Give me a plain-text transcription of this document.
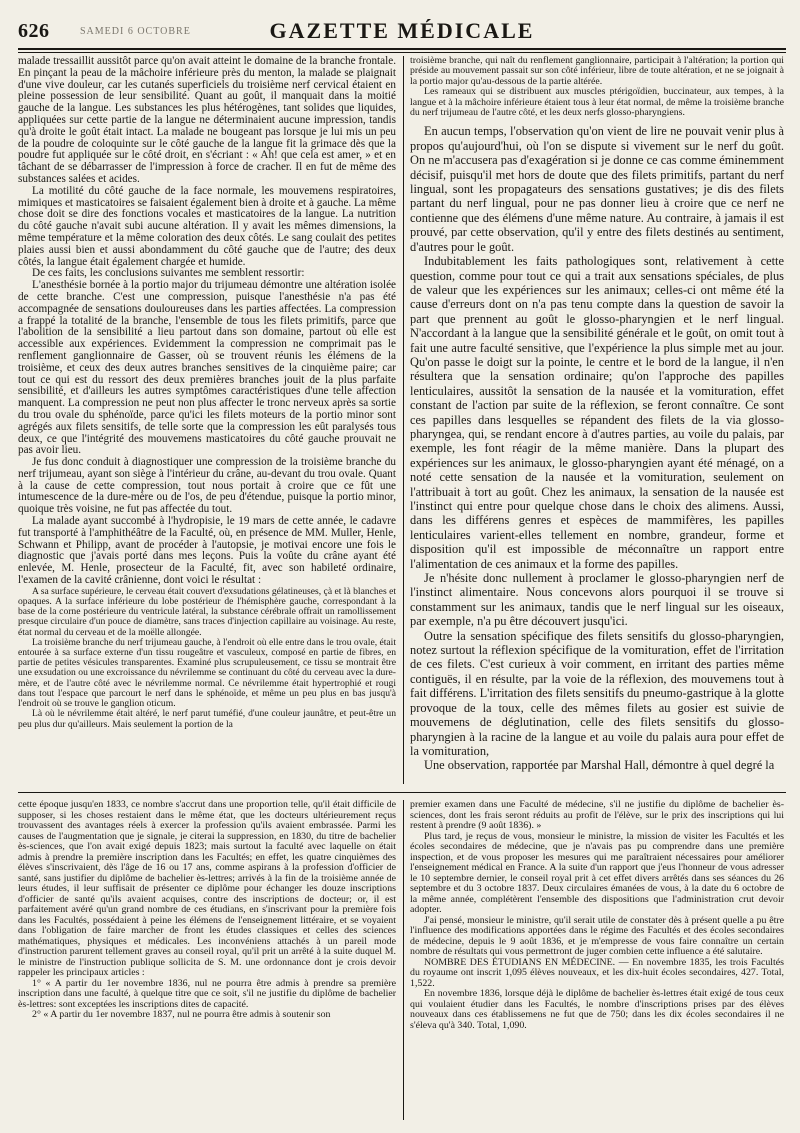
626	SAMEDI 6 OCTOBRE	GAZETTE MÉDICALE

malade tressaillit aussitôt parce qu'on avait atteint le domaine de la branche frontale. En pinçant la peau de la mâchoire inférieure près du menton, la malade se plaignait d'une vive douleur, car les cutanés superficiels du troisième nerf cervical étaient en pleine possession de leur sensibilité. Quant au goût, il manquait dans la moitié gauche de la langue. Les substances les plus hétérogènes, tant solides que liquides, appliquées sur cette partie de la langue ne déterminaient aucune impression, tandis qu'à droite le goût était intact. La malade ne bougeant pas lorsque je lui mis un peu de la poudre de coloquinte sur le côté gauche de la langue fit la grimace dès que la poudre fut appliquée sur le côté droit, en s'écriant : « Ah! que cela est amer, » et en tâchant de se débarrasser de l'impression à force de cracher. Il en fut de même des substances salées et acides.

La motilité du côté gauche de la face normale, les mouvemens respiratoires, mimiques et masticatoires se faisaient également bien à droite et à gauche. La même chose doit se dire des fonctions vocales et masticatoires de la langue. La nutrition du côté gauche n'avait subi aucune altération. Il y avait les mêmes dimensions, la même température et la même coloration des deux côtés. Le sang coulait des petites plaies aussi bien et aussi abondamment du côté gauche que de l'autre; des deux côtés, la langue était également chargée et humide.

De ces faits, les conclusions suivantes me semblent ressortir:

L'anesthésie bornée à la portio major du trijumeau démontre une altération isolée de cette branche. C'est une compression, puisque l'anesthésie n'a pas été accompagnée de sensations douloureuses dans les parties affectées. La compression a frappé la totalité de la branche, l'ensemble de tous les filets primitifs, parce que l'abolition de la sensibilité a lieu partout dans son domaine, partout où elle est accessible aux expériences. Evidemment la compression ne comprimait pas le renflement ganglionnaire de Gasser, où se trouvent réunis les élémens de la troisième, et ceux des deux autres branches sensitives de la cinquième paire; car tout ce qui est du ressort des deux premières branches jouit de la plus parfaite sensibilité, et d'ailleurs les autres symptômes caractéristiques d'une telle affection manquent. La compression ne peut non plus affecter le tronc nerveux après sa sortie du trou ovale du sphénoïde, parce qu'ici les filets moteurs de la portio minor sont agrégés aux filets sensitifs, de telle sorte que la compression les eût paralysés tous deux, ce que l'intégrité des mouvemens masticatoires du côté gauche prouvait ne pas avoir lieu.

Je fus donc conduit à diagnostiquer une compression de la troisième branche du nerf trijumeau, ayant son siège à l'intérieur du crâne, au-devant du trou ovale. Quant à la cause de cette compression, tout nous portait à croire que ce fût une intumescence de la dure-mère ou de l'os, de peu d'étendue, puisque la portio minor, quoique très voisine, ne fut pas affectée du tout.

La malade ayant succombé à l'hydropisie, le 19 mars de cette année, le cadavre fut transporté à l'amphithéâtre de la Faculté, où, en présence de MM. Muller, Henle, Schwann et Philipp, avant de procéder à l'autopsie, je motivai encore une fois le diagnostic que j'avais porté dans mes leçons. Puis la voûte du crâne ayant été enlevée, M. Henle, prosecteur de la Faculté, fit, avec son habileté ordinaire, l'examen de la cavité crânienne, dont voici le résultat :

A sa surface supérieure, le cerveau était couvert d'exsudations gélatineuses, çà et là blanches et opaques. A la surface inférieure du lobe postérieur de l'hémisphère gauche, correspondant à la base de la corne postérieure du ventricule latéral, la substance cérébrale offrait un ramollissement presque circulaire d'un pouce de diamètre, sans traces d'injection capillaire au voisinage. Au reste, état normal du cerveau et de la moëlle allongée.

La troisième branche du nerf trijumeau gauche, à l'endroit où elle entre dans le trou ovale, était entourée à sa surface externe d'un tissu rougeâtre et vasculeux, composé en partie de fibres, en partie de petites vésicules transparentes. Examiné plus scrupuleusement, ce tissu se montrait être une exsudation ou une excroissance du névrilemme se continuant du côté du cerveau avec la dure-mère, et de l'autre côté avec le névrilemme normal. Ce névrilemme était hypertrophié et rougi dans tout l'espace que parcourt le nerf dans le sphénoïde, et même un peu plus en bas jusqu'à l'endroit où se trouve le ganglion oticum.

Là où le névrilemme était altéré, le nerf parut tuméfié, d'une couleur jaunâtre, et peut-être un peu plus dur qu'ailleurs. Mais seulement la portion de la

troisième branche, qui naît du renflement ganglionnaire, participait à l'altération; la portion qui préside au mouvement passait sur son côté inférieur, libre de toute altération, et ne se joignait à la portio major qu'au-dessous de la partie altérée.

Les rameaux qui se distribuent aux muscles ptérigoïdien, buccinateur, aux tempes, à la langue et à la mâchoire inférieure étaient tous à leur état normal, de même la troisième branche du nerf trijumeau de l'autre côté, et les deux nerfs glosso-pharyngiens.

En aucun temps, l'observation qu'on vient de lire ne pouvait venir plus à propos qu'aujourd'hui, où l'on se dispute si vivement sur le nerf du goût. On ne m'accusera pas d'exagération si je donne ce cas comme éminemment décisif, puisqu'il met hors de doute que des filets primitifs, partant du nerf lingual, sont les propagateurs des sensations gustatives; je dis des filets partant du nerf lingual, pour ne pas donner lieu à croire que ce nerf ne contienne que des élémens d'une même nature. Au contraire, à jamais il est prouvé, par cette observation, qu'il y entre des filets destinés au sentiment, d'autres pour le goût.

Indubitablement les faits pathologiques sont, relativement à cette question, comme pour tout ce qui a trait aux sensations spéciales, de plus de valeur que les expériences sur les animaux; celles-ci ont même été la cause d'erreurs dont on n'a pas tenu compte dans la question de savoir la part que prennent au goût le glosso-pharyngien et le nerf lingual. N'accordant à la langue que la sensibilité générale et le goût, on omit tout à fait une autre faculté sensitive, que l'expérience la plus simple met au jour. Qu'on passe le doigt sur la pointe, le centre et le bord de la langue, il n'en résultera que la sensation ordinaire; qu'on l'approche des papilles lenticulaires, aussitôt la sensation de la nausée et la vomituration, effet constant de l'action par suite de la réflexion, se feront connaître. Ce sont ces papilles dans lesquelles se répandent des filets de la via glosso-pharyngea, qui, se rendant encore à d'autres parties, au voile du palais, par exemple, les font réagir de la même manière. Dans la plupart des expériences sur les animaux, le glosso-pharyngien ayant été ménagé, on a noté cette sensation de la nausée et la vomituration, seulement on l'attribuait à tort au goût. Chez les animaux, la sensation de la nausée est l'instinct qui entre pour quelque chose dans le choix des alimens. Aussi, dans les différens genres et espèces de mammifères, les papilles lenticulaires varient-elles tellement en nombre, grandeur, forme et disposition qu'il est impossible de méconnaître un rapport entre l'alimentation de ces animaux et la forme des papilles.

Je n'hésite donc nullement à proclamer le glosso-pharyngien nerf de l'instinct alimentaire. Nous concevons alors pourquoi il se trouve si constamment sur les animaux, tandis que le nerf lingual sur les oiseaux, par exemple, n'a pu être découvert jusqu'ici.

Outre la sensation spécifique des filets sensitifs du glosso-pharyngien, notez surtout la réflexion spécifique de la vomituration, effet de l'irritation de ces filets. C'est curieux à voir comment, en irritant des parties même contiguës, il en résulte, par la voie de la réflexion, des mouvemens tout à fait différens. L'irritation des filets sensitifs du pneumo-gastrique à la glotte provoque de la toux, celle des mêmes filets au gosier est suivie de mouvemens de déglutination, celle des filets sensitifs du glosso-pharyngien à la racine de la langue et au voile du palais aura pour effet de la vomituration,

Une observation, rapportée par Marshal Hall, démontre à quel degré la

cette époque jusqu'en 1833, ce nombre s'accrut dans une proportion telle, qu'il était difficile de supposer, si les choses restaient dans le même état, que les docteurs ultérieurement reçus trouvassent des avantages réels à exercer la profession qu'ils avaient embrassée. Parmi les causes de l'augmentation que je signale, je citerai la suppression, en 1830, du titre de bachelier ès-sciences, que l'on avait exigé depuis 1823; mais surtout la faculté avec laquelle on était admis à prendre la première inscription dans les Facultés; en effet, les quatre cinquièmes des élèves s'inscrivaient, dès l'âge de 16 ou 17 ans, comme aspirans à la profession d'officier de santé, sans justifier du diplôme de bachelier ès-lettres; arrivés à la fin de la troisième année de leurs études, il leur suffisait de présenter ce diplôme pour échanger les douze inscriptions d'officier de santé qu'ils avaient acquises, contre des inscriptions de docteur; or, il est parfaitement avéré qu'un grand nombre de ces étudians, en s'inscrivant pour la première fois dans les Facultés, possédaient à peine les élémens de l'enseignement littéraire, et se voyaient dans l'obligation de faire marcher de front les études classiques et celles des sciences mathématiques, physiques et médicales. Les inconvéniens attachés à un pareil mode d'instruction parurent tellement graves au conseil royal, qu'il prit un arrêté à la suite duquel M. le ministre de l'instruction publique sollicita de S. M. une ordonnance dont je crois devoir rappeler les principaux articles :

1° « A partir du 1er novembre 1836, nul ne pourra être admis à prendre sa première inscription dans une faculté, à quelque titre que ce soit, s'il ne justifie du diplôme de bachelier ès-lettres: sont exceptées les inscriptions dites de capacité.

2° « A partir du 1er novembre 1837, nul ne pourra être admis à soutenir son

premier examen dans une Faculté de médecine, s'il ne justifie du diplôme de bachelier ès-sciences, dont les frais seront réduits au profit de l'élève, sur le prix des inscriptions qui lui restent à prendre (9 août 1836). »

Plus tard, je reçus de vous, monsieur le ministre, la mission de visiter les Facultés et les écoles secondaires de médecine, que je n'avais pas pu comprendre dans une première inspection, et de vous proposer les mesures qui me paraîtraient nécessaires pour améliorer l'enseignement médical en France. A la suite d'un rapport que j'eus l'honneur de vous adresser le 10 septembre dernier, le conseil royal prit à cet effet divers arrêtés dans ses séances du 26 septembre et du 3 octobre 1837. Deux circulaires émanées de vous, à la date du 6 octobre de la même année, complétèrent l'ensemble des dispositions que l'administration crut devoir adopter.

J'ai pensé, monsieur le ministre, qu'il serait utile de constater dès à présent quelle a pu être l'influence des modifications apportées dans le régime des Facultés et des écoles secondaires de médecine, depuis le 9 août 1836, et je m'empresse de vous faire connaître un certain nombre de résultats qui vous permettront de juger combien cette influence a été salutaire.

NOMBRE DES ÉTUDIANS EN MÉDECINE. — En novembre 1835, les trois Facultés du royaume ont inscrit 1,095 élèves nouveaux, et les dix-huit écoles secondaires, 427. Total, 1,522.

En novembre 1836, lorsque déjà le diplôme de bachelier ès-lettres était exigé de tous ceux qui voulaient étudier dans les Facultés, le nombre d'inscriptions prises par des élèves nouveaux dans ces établissemens ne fut que de 750; dans les dix écoles secondaires il ne s'éleva qu'à 340. Total, 1,090.
